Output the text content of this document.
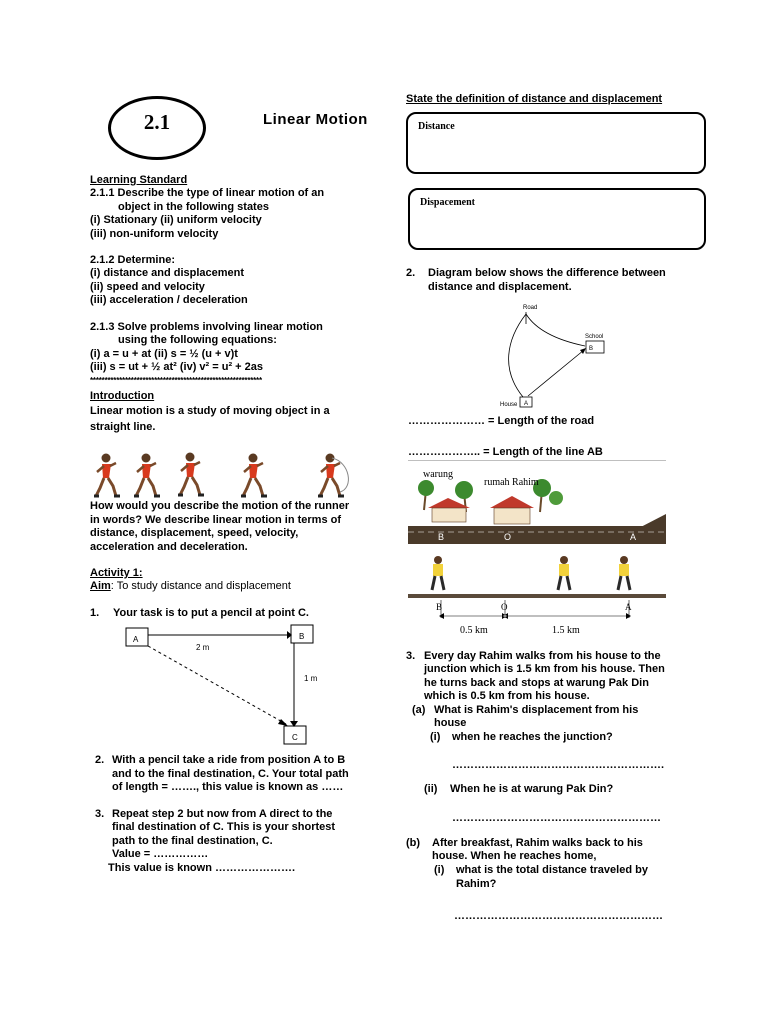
2.1	Linear Motion
Learning Standard
2.1.1 Describe the type of linear motion of an
object in the following states
(i) Stationary (ii) uniform velocity
(iii) non-uniform velocity
2.1.2 Determine:
(i) distance and displacement
(ii) speed and velocity
(iii) acceleration / deceleration
2.1.3 Solve problems involving linear motion
using the following equations:
(i) a = u + at (ii) s = ½ (u + v)t
(iii) s = ut + ½ at² (iv) v² = u² + 2as
***********************************************************
Introduction
Linear motion is a study of moving object in a
straight line.
How would you describe the motion of the runner
in words? We describe linear motion in terms of
distance, displacement, speed, velocity,
acceleration and deceleration.
Activity 1:
Aim: To study distance and displacement
1. Your task is to put a pencil at point C.
A	B
C
2 m
1 m
2. With a pencil take a ride from position A to B
and to the final destination, C. Your total path
of length = ……., this value is known as ……
3. Repeat step 2 but now from A direct to the
final destination of C. This is your shortest
path to the final destination, C.
Value = ……………
This value is known ………………….
State the definition of distance and displacement
Distance
Dispacement
2. Diagram below shows the difference between
distance and displacement.
Road
School
House
B
A
………………… = Length of the road
……………….. = Length of the line AB
warung
rumah Rahim
B	O	A
B	O	A
0.5 km	1.5 km
3. Every day Rahim walks from his house to the
junction which is 1.5 km from his house. Then
he turns back and stops at warung Pak Din
which is 0.5 km from his house.
(a) What is Rahim's displacement from his
house
(i) when he reaches the junction?
………………………………………………….
(ii) When he is at warung Pak Din?
…………………………………………………
(b) After breakfast, Rahim walks back to his
house. When he reaches home,
(i) what is the total distance traveled by
Rahim?
…………………………………………………
